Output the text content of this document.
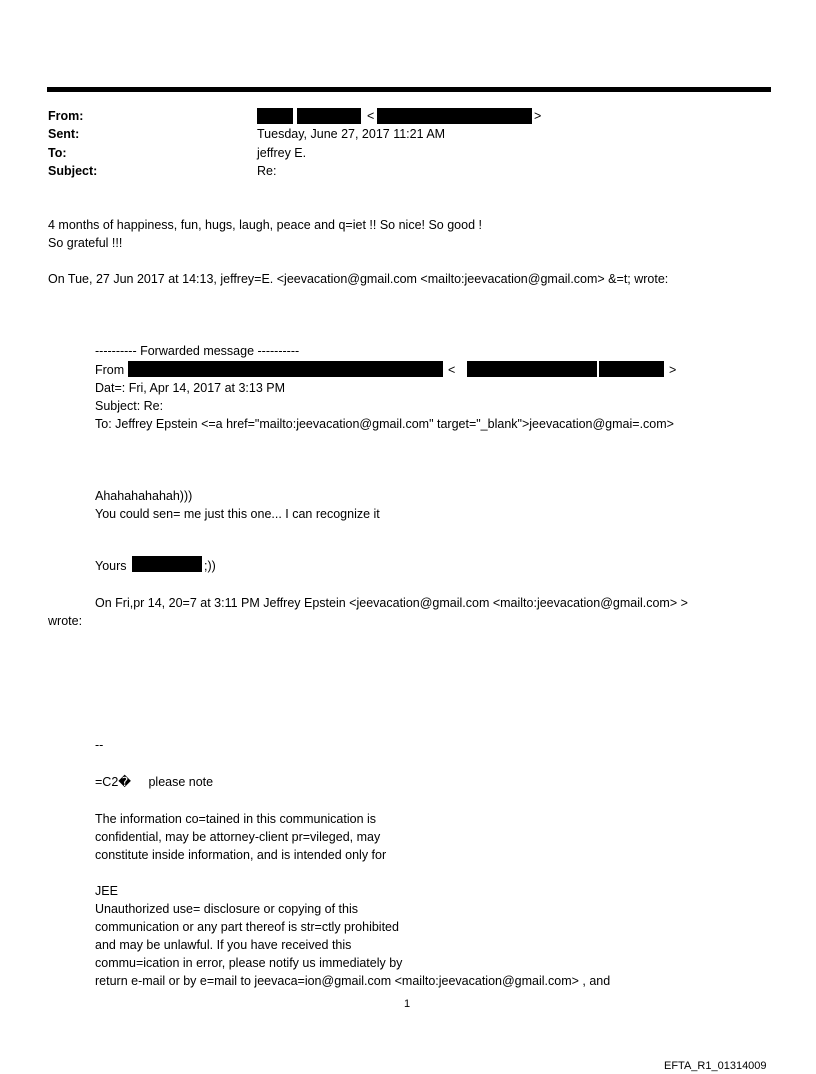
From:	<	>
Sent:	Tuesday, June 27, 2017 11:21 AM
To:	jeffrey E.
Subject:	Re:
4 months of happiness, fun, hugs, laugh, peace and q=iet !! So nice! So good !
So grateful !!!
On Tue, 27 Jun 2017 at 14:13, jeffrey=E. <jeevacation@gmail.com <mailto:jeevacation@gmail.com> &=t; wrote:
---------- Forwarded message ----------
From	<	>
Dat=: Fri, Apr 14, 2017 at 3:13 PM
Subject: Re:
To: Jeffrey Epstein <=a href="mailto:jeevacation@gmail.com" target="_blank">jeevacation@gmai=.com>
Ahahahahahah)))
You could sen= me just this one... I can recognize it
Yours	;))
On Fri,pr 14, 20=7 at 3:11 PM Jeffrey Epstein <jeevacation@gmail.com <mailto:jeevacation@gmail.com> >
wrote:
--
=C2�     please note
The information co=tained in this communication is
confidential, may be attorney-client pr=vileged, may
constitute inside information, and is intended only for
JEE
Unauthorized use= disclosure or copying of this
communication or any part thereof is str=ctly prohibited
and may be unlawful. If you have received this
commu=ication in error, please notify us immediately by
return e-mail or by e=mail to jeevaca=ion@gmail.com <mailto:jeevacation@gmail.com> , and
1
EFTA_R1_01314009
